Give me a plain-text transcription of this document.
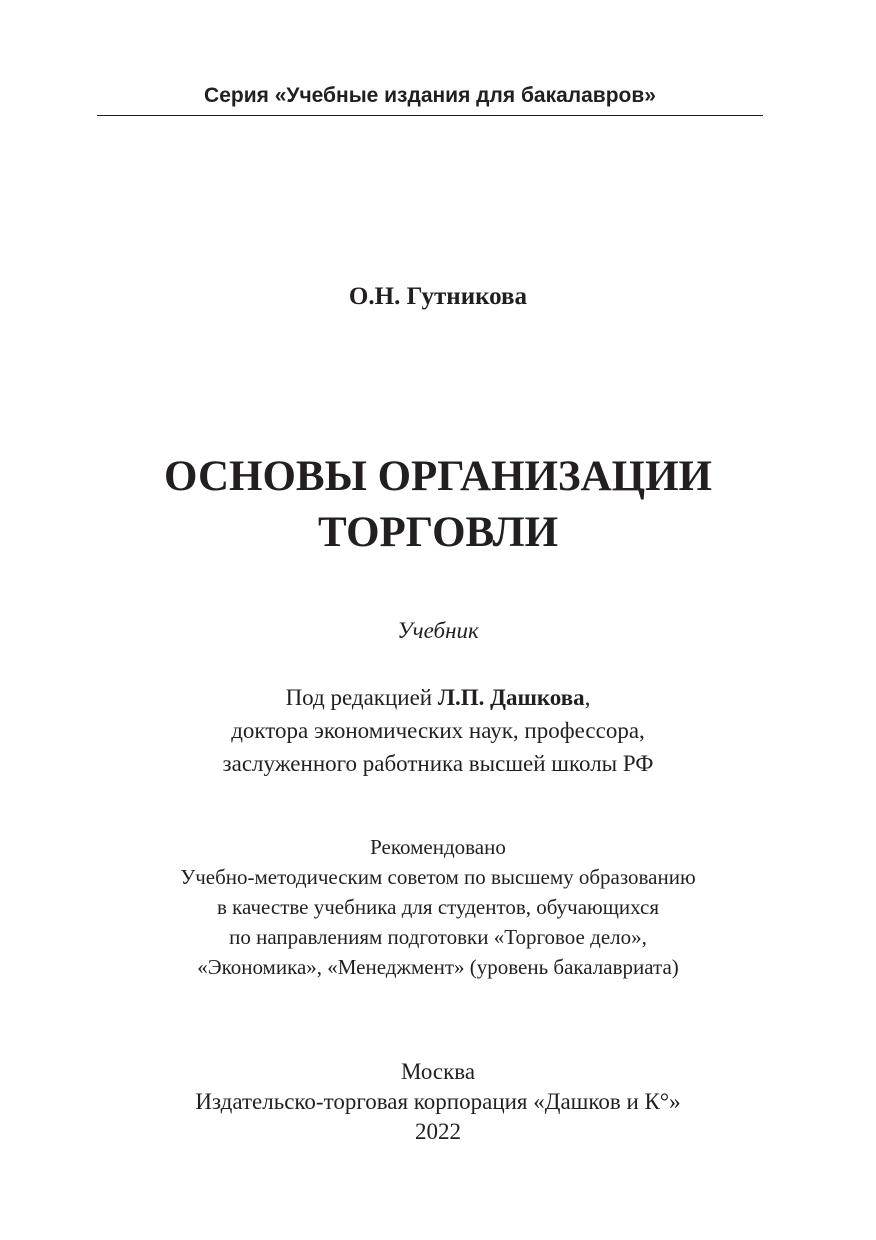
Серия «Учебные издания для бакалавров»
О.Н. Гутникова
ОСНОВЫ ОРГАНИЗАЦИИ
ТОРГОВЛИ
Учебник
Под редакцией Л.П. Дашкова,
доктора экономических наук, профессора,
заслуженного работника высшей школы РФ
Рекомендовано
Учебно-методическим советом по высшему образованию
в качестве учебника для студентов, обучающихся
по направлениям подготовки «Торговое дело»,
«Экономика», «Менеджмент» (уровень бакалавриата)
Москва
Издательско-торговая корпорация «Дашков и К°»
2022
